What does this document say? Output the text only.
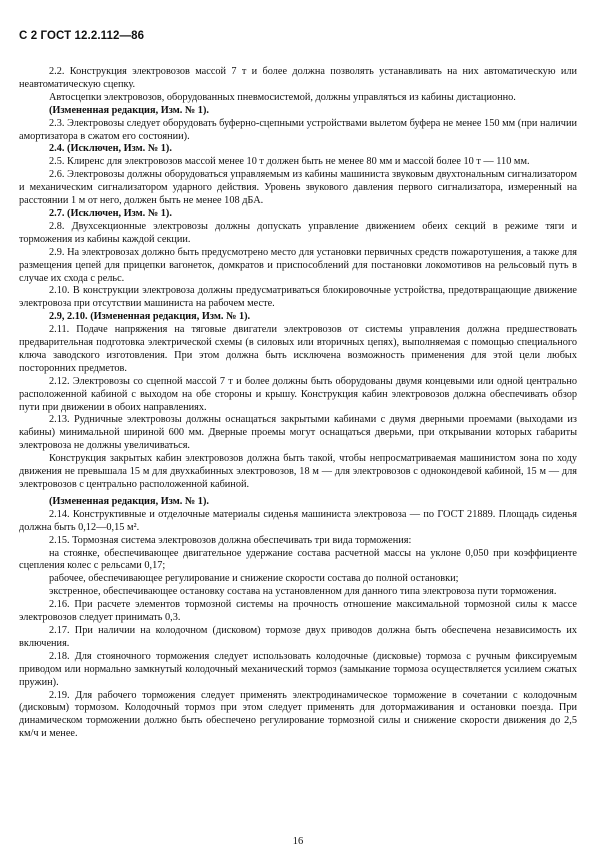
С 2 ГОСТ 12.2.112—86

2.2. Конструкция электровозов массой 7 т и более должна позволять устанавливать на них автоматическую или неавтоматическую сцепку.

Автосцепки электровозов, оборудованных пневмосистемой, должны управляться из кабины дистационно.

(Измененная редакция, Изм. № 1).

2.3. Электровозы следует оборудовать буферно-сцепными устройствами вылетом буфера не менее 150 мм (при наличии амортизатора в сжатом его состоянии).

2.4. (Исключен, Изм. № 1).

2.5. Клиренс для электровозов массой менее 10 т должен быть не менее 80 мм и массой более 10 т — 110 мм.

2.6. Электровозы должны оборудоваться управляемым из кабины машиниста звуковым двухтональным сигнализатором и механическим сигнализатором ударного действия. Уровень звукового давления первого сигнализатора, измеренный на расстоянии 1 м от него, должен быть не менее 108 дБА.

2.7. (Исключен, Изм. № 1).

2.8. Двухсекционные электровозы должны допускать управление движением обеих секций в режиме тяги и торможения из кабины каждой секции.

2.9. На электровозах должно быть предусмотрено место для установки первичных средств пожаротушения, а также для размещения цепей для прицепки вагонеток, домкратов и приспособлений для постановки локомотивов на рельсовый путь в случае их схода с рельс.

2.10. В конструкции электровоза должны предусматриваться блокировочные устройства, предотвращающие движение электровоза при отсутствии машиниста на рабочем месте.

2.9, 2.10. (Измененная редакция, Изм. № 1).

2.11. Подаче напряжения на тяговые двигатели электровозов от системы управления должна предшествовать предварительная подготовка электрической схемы (в силовых или вторичных цепях), выполняемая с помощью специального ключа заводского изготовления. При этом должна быть исключена возможность применения для этой цели любых посторонних предметов.

2.12. Электровозы со сцепной массой 7 т и более должны быть оборудованы двумя концевыми или одной центрально расположенной кабиной с выходом на обе стороны и крышу. Конструкция кабин электровозов должна обеспечивать обзор пути при движении в обоих направлениях.

2.13. Рудничные электровозы должны оснащаться закрытыми кабинами с двумя дверными проемами (выходами из кабины) минимальной шириной 600 мм. Дверные проемы могут оснащаться дверьми, при открывании которых габариты электровоза не должны увеличиваться.

Конструкция закрытых кабин электровозов должна быть такой, чтобы непросматриваемая машинистом зона по ходу движения не превышала 15 м для двухкабинных электровозов, 18 м — для электровозов с однокондевой кабиной, 15 м — для электровозов с центрально расположенной кабиной.

(Измененная редакция, Изм. № 1).

2.14. Конструктивные и отделочные материалы сиденья машиниста электровоза — по ГОСТ 21889. Площадь сиденья должна быть 0,12—0,15 м².

2.15. Тормозная система электровозов должна обеспечивать три вида торможения:

на стоянке, обеспечивающее двигательное удержание состава расчетной массы на уклоне 0,050 при коэффициенте сцепления колес с рельсами 0,17;

рабочее, обеспечивающее регулирование и снижение скорости состава до полной остановки;

экстренное, обеспечивающее остановку состава на установленном для данного типа электровоза пути торможения.

2.16. При расчете элементов тормозной системы на прочность отношение максимальной тормозной силы к массе электровозов следует принимать 0,3.

2.17. При наличии на колодочном (дисковом) тормозе двух приводов должна быть обеспечена независимость их включения.

2.18. Для стояночного торможения следует использовать колодочные (дисковые) тормоза с ручным фиксируемым приводом или нормально замкнутый колодочный механический тормоз (замыкание тормоза осуществляется усилием сжатых пружин).

2.19. Для рабочего торможения следует применять электродинамическое торможение в сочетании с колодочным (дисковым) тормозом. Колодочный тормоз при этом следует применять для дотормаживания и остановки поезда. При динамическом торможении должно быть обеспечено регулирование тормозной силы и снижение скорости движения до 2,5 км/ч и менее.

16
